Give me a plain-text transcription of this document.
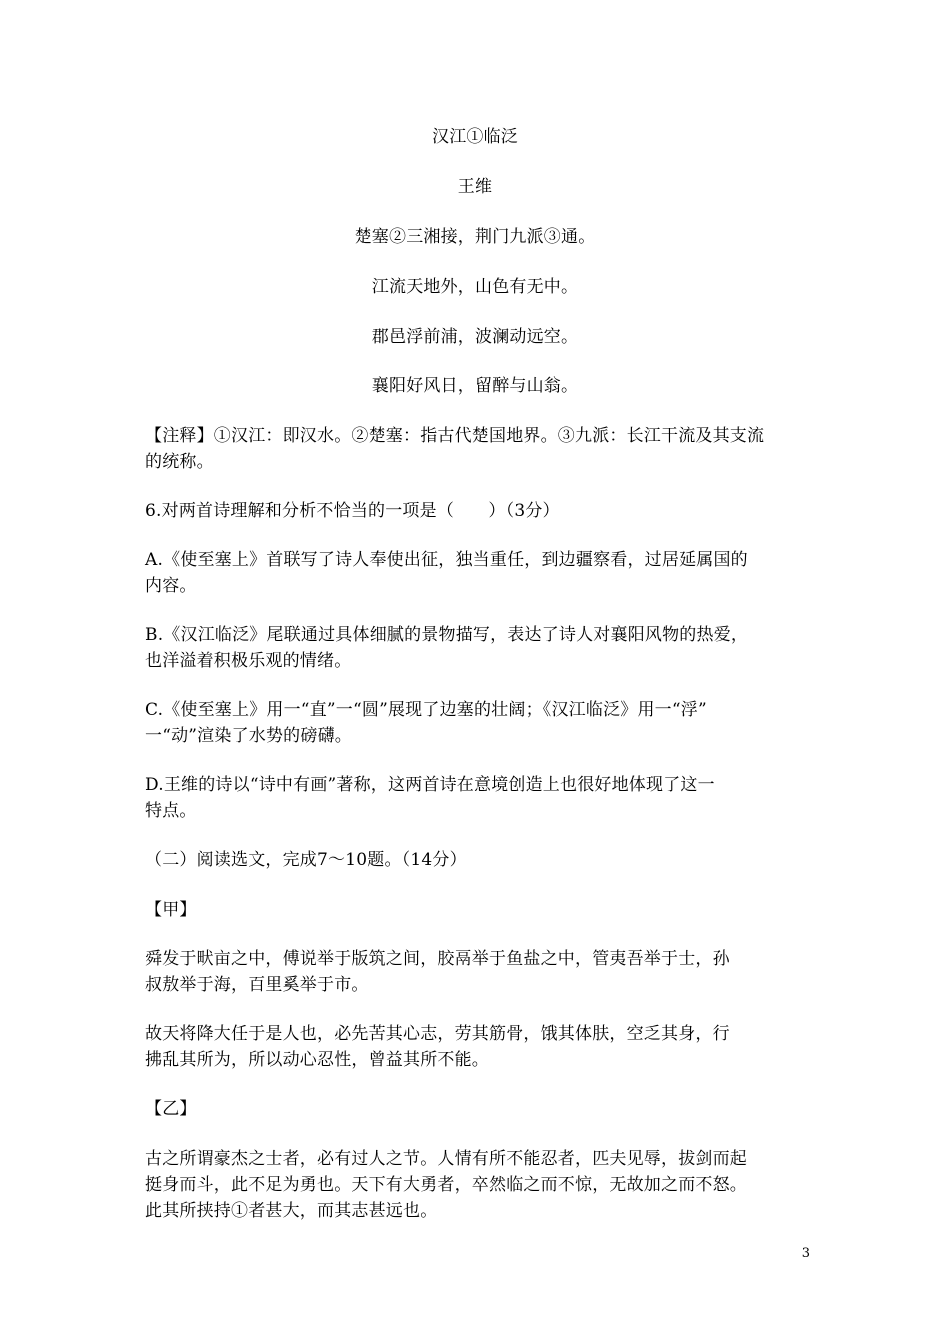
汉江①临泛
王维
楚塞②三湘接，荆门九派③通。
江流天地外，山色有无中。
郡邑浮前浦，波澜动远空。
襄阳好风日，留醉与山翁。
【注释】①汉江：即汉水。②楚塞：指古代楚国地界。③九派：长江干流及其支流
的统称。
6.对两首诗理解和分析不恰当的一项是（　　）（3分）
A.《使至塞上》首联写了诗人奉使出征，独当重任，到边疆察看，过居延属国的
内容。
B.《汉江临泛》尾联通过具体细腻的景物描写，表达了诗人对襄阳风物的热爱，
也洋溢着积极乐观的情绪。
C.《使至塞上》用一“直”一“圆”展现了边塞的壮阔；《汉江临泛》用一“浮”
一“动”渲染了水势的磅礴。
D.王维的诗以“诗中有画”著称，这两首诗在意境创造上也很好地体现了这一
特点。
（二）阅读选文，完成7～10题。（14分）
【甲】
舜发于畎亩之中，傅说举于版筑之间，胶鬲举于鱼盐之中，管夷吾举于士，孙
叔敖举于海，百里奚举于市。
故天将降大任于是人也，必先苦其心志，劳其筋骨，饿其体肤，空乏其身，行
拂乱其所为，所以动心忍性，曾益其所不能。
【乙】
古之所谓豪杰之士者，必有过人之节。人情有所不能忍者，匹夫见辱，拔剑而起
挺身而斗，此不足为勇也。天下有大勇者，卒然临之而不惊，无故加之而不怒。
此其所挟持①者甚大，而其志甚远也。
3
